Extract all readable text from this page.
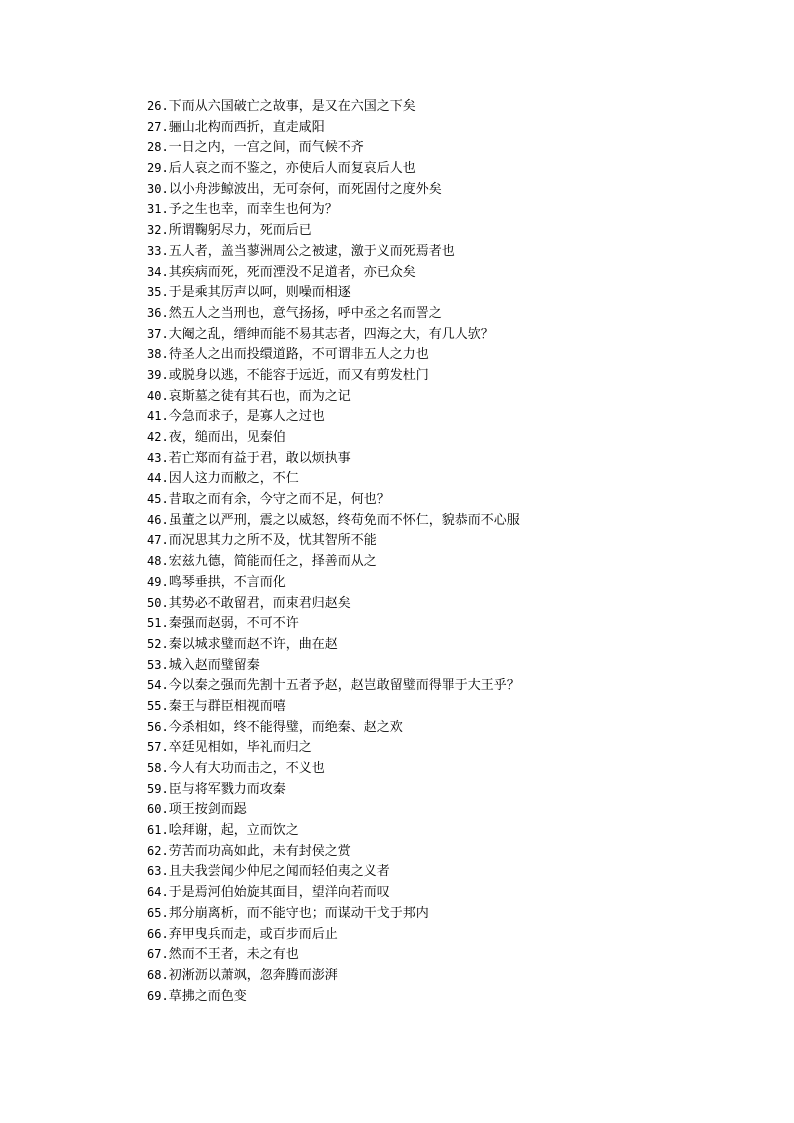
26.下而从六国破亡之故事，是又在六国之下矣
27.骊山北构而西折，直走咸阳
28.一日之内，一宫之间，而气候不齐
29.后人哀之而不鉴之，亦使后人而复哀后人也
30.以小舟涉鲸波出，无可奈何，而死固付之度外矣
31.予之生也幸，而幸生也何为？
32.所谓鞠躬尽力，死而后已
33.五人者，盖当蓼洲周公之被逮，激于义而死焉者也
34.其疾病而死，死而湮没不足道者，亦已众矣
35.于是乘其厉声以呵，则噪而相逐
36.然五人之当刑也，意气扬扬，呼中丞之名而詈之
37.大阉之乱，缙绅而能不易其志者，四海之大，有几人欤？
38.待圣人之出而投缳道路，不可谓非五人之力也
39.或脱身以逃，不能容于远近，而又有剪发杜门
40.哀斯墓之徒有其石也，而为之记
41.今急而求子，是寡人之过也
42.夜，缒而出，见秦伯
43.若亡郑而有益于君，敢以烦执事
44.因人这力而敝之，不仁
45.昔取之而有余，今守之而不足，何也？
46.虽董之以严刑，震之以威怒，终苟免而不怀仁，貌恭而不心服
47.而况思其力之所不及，忧其智所不能
48.宏兹九德，简能而任之，择善而从之
49.鸣琴垂拱，不言而化
50.其势必不敢留君，而束君归赵矣
51.秦强而赵弱，不可不许
52.秦以城求璧而赵不许，曲在赵
53.城入赵而璧留秦
54.今以秦之强而先割十五者予赵，赵岂敢留璧而得罪于大王乎？
55.秦王与群臣相视而嘻
56.今杀相如，终不能得璧，而绝秦、赵之欢
57.卒廷见相如，毕礼而归之
58.今人有大功而击之，不义也
59.臣与将军戮力而攻秦
60.项王按剑而跽
61.哙拜谢，起，立而饮之
62.劳苦而功高如此，未有封侯之赏
63.且夫我尝闻少仲尼之闻而轻伯夷之义者
64.于是焉河伯始旋其面目，望洋向若而叹
65.邦分崩离析，而不能守也；而谋动干戈于邦内
66.弃甲曳兵而走，或百步而后止
67.然而不王者，未之有也
68.初淅沥以萧飒，忽奔腾而澎湃
69.草拂之而色变
